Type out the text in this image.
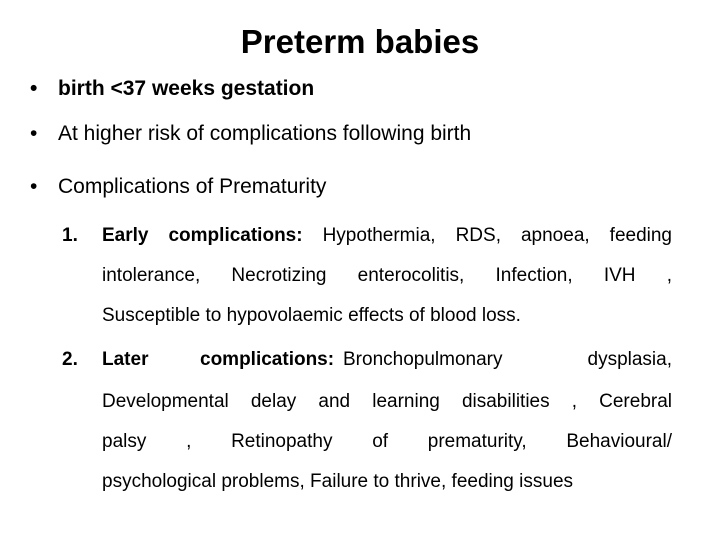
Preterm babies
• birth <37 weeks gestation
• At higher risk of complications following birth
• Complications of Prematurity
1. Early complications: Hypothermia, RDS, apnoea, feeding
intolerance, Necrotizing enterocolitis, Infection, IVH ,
Susceptible to hypovolaemic effects of blood loss.
2. Later	complications: Bronchopulmonary	dysplasia,
Developmental delay and learning disabilities , Cerebral
palsy , Retinopathy of prematurity, Behavioural/
psychological problems, Failure to thrive, feeding issues
